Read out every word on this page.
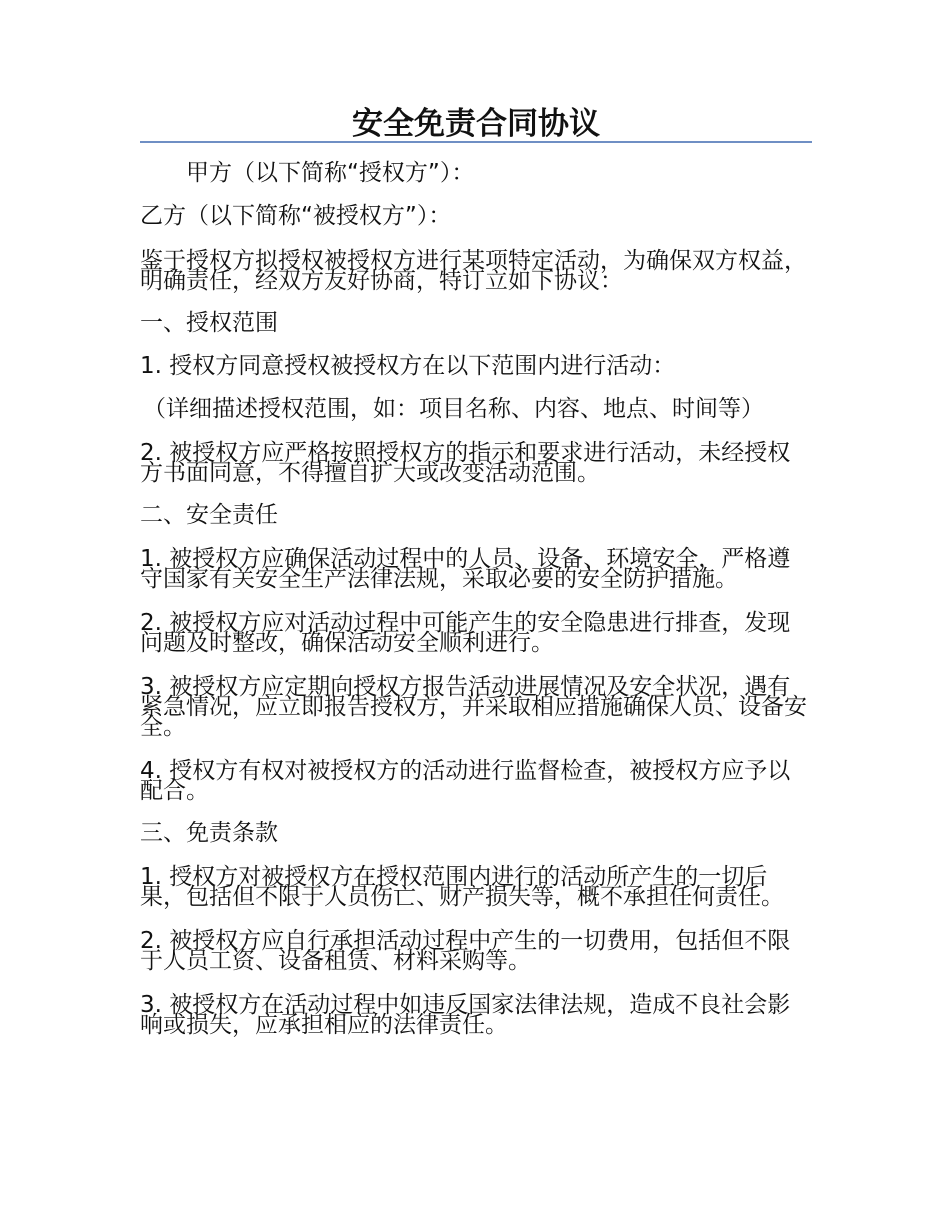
安全免责合同协议

甲方（以下简称“授权方”）：

乙方（以下简称“被授权方”）：

鉴于授权方拟授权被授权方进行某项特定活动，为确保双方权益，明确责任，经双方友好协商，特订立如下协议：

一、授权范围

1. 授权方同意授权被授权方在以下范围内进行活动：

（详细描述授权范围，如：项目名称、内容、地点、时间等）

2. 被授权方应严格按照授权方的指示和要求进行活动，未经授权方书面同意，不得擅自扩大或改变活动范围。

二、安全责任

1. 被授权方应确保活动过程中的人员、设备、环境安全，严格遵守国家有关安全生产法律法规，采取必要的安全防护措施。

2. 被授权方应对活动过程中可能产生的安全隐患进行排查，发现问题及时整改，确保活动安全顺利进行。

3. 被授权方应定期向授权方报告活动进展情况及安全状况，遇有紧急情况，应立即报告授权方，并采取相应措施确保人员、设备安全。

4. 授权方有权对被授权方的活动进行监督检查，被授权方应予以配合。

三、免责条款

1. 授权方对被授权方在授权范围内进行的活动所产生的一切后果，包括但不限于人员伤亡、财产损失等，概不承担任何责任。

2. 被授权方应自行承担活动过程中产生的一切费用，包括但不限于人员工资、设备租赁、材料采购等。

3. 被授权方在活动过程中如违反国家法律法规，造成不良社会影响或损失，应承担相应的法律责任。
